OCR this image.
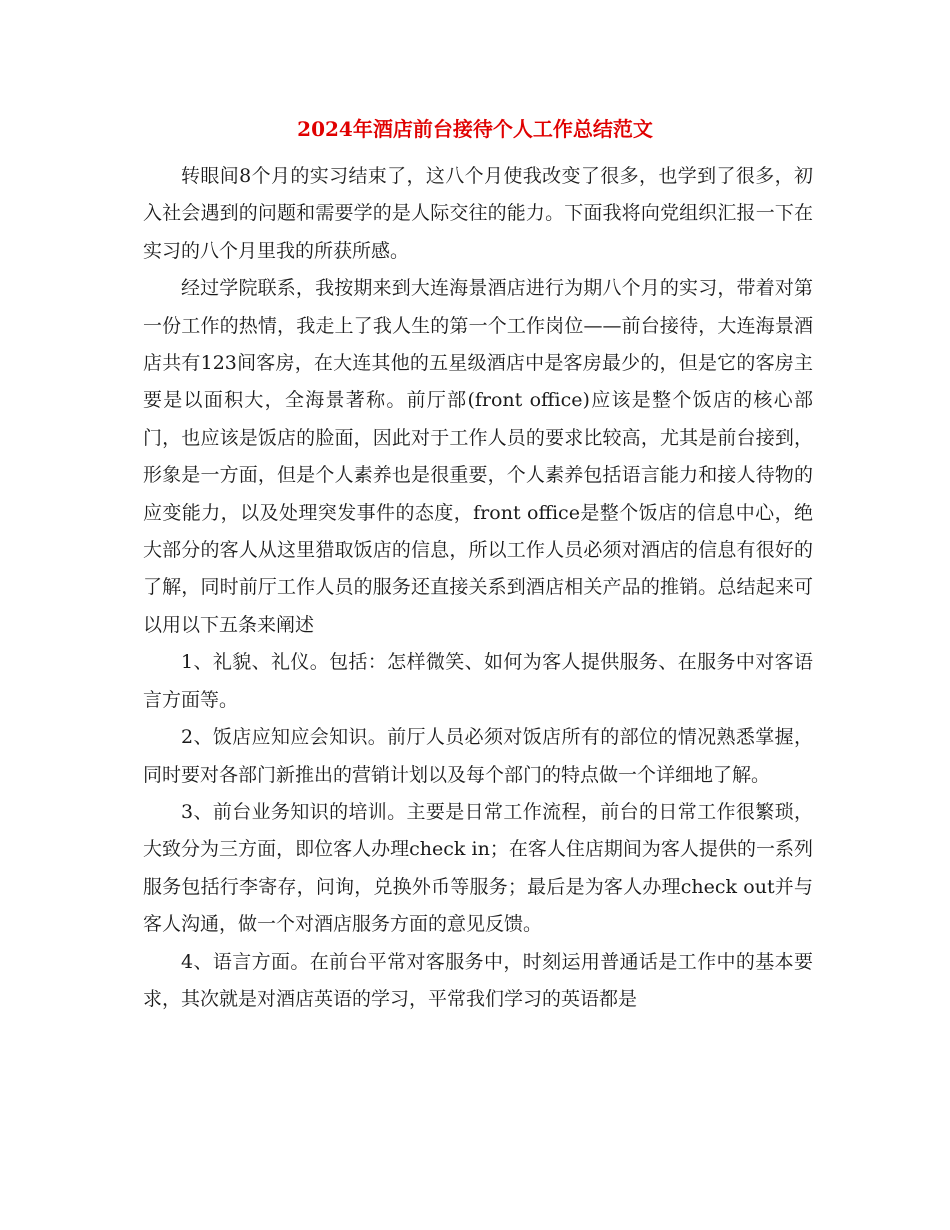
2024年酒店前台接待个人工作总结范文

转眼间8个月的实习结束了，这八个月使我改变了很多，也学到了很多，初入社会遇到的问题和需要学的是人际交往的能力。下面我将向党组织汇报一下在实习的八个月里我的所获所感。

经过学院联系，我按期来到大连海景酒店进行为期八个月的实习，带着对第一份工作的热情，我走上了我人生的第一个工作岗位——前台接待，大连海景酒店共有123间客房，在大连其他的五星级酒店中是客房最少的，但是它的客房主要是以面积大，全海景著称。前厅部(front office)应该是整个饭店的核心部门，也应该是饭店的脸面，因此对于工作人员的要求比较高，尤其是前台接到，形象是一方面，但是个人素养也是很重要，个人素养包括语言能力和接人待物的应变能力，以及处理突发事件的态度，front office是整个饭店的信息中心，绝大部分的客人从这里猎取饭店的信息，所以工作人员必须对酒店的信息有很好的了解，同时前厅工作人员的服务还直接关系到酒店相关产品的推销。总结起来可以用以下五条来阐述

1、礼貌、礼仪。包括：怎样微笑、如何为客人提供服务、在服务中对客语言方面等。

2、饭店应知应会知识。前厅人员必须对饭店所有的部位的情况熟悉掌握，同时要对各部门新推出的营销计划以及每个部门的特点做一个详细地了解。

3、前台业务知识的培训。主要是日常工作流程，前台的日常工作很繁琐，大致分为三方面，即位客人办理check in；在客人住店期间为客人提供的一系列服务包括行李寄存，问询，兑换外币等服务；最后是为客人办理check out并与客人沟通，做一个对酒店服务方面的意见反馈。

4、语言方面。在前台平常对客服务中，时刻运用普通话是工作中的基本要求，其次就是对酒店英语的学习，平常我们学习的英语都是
